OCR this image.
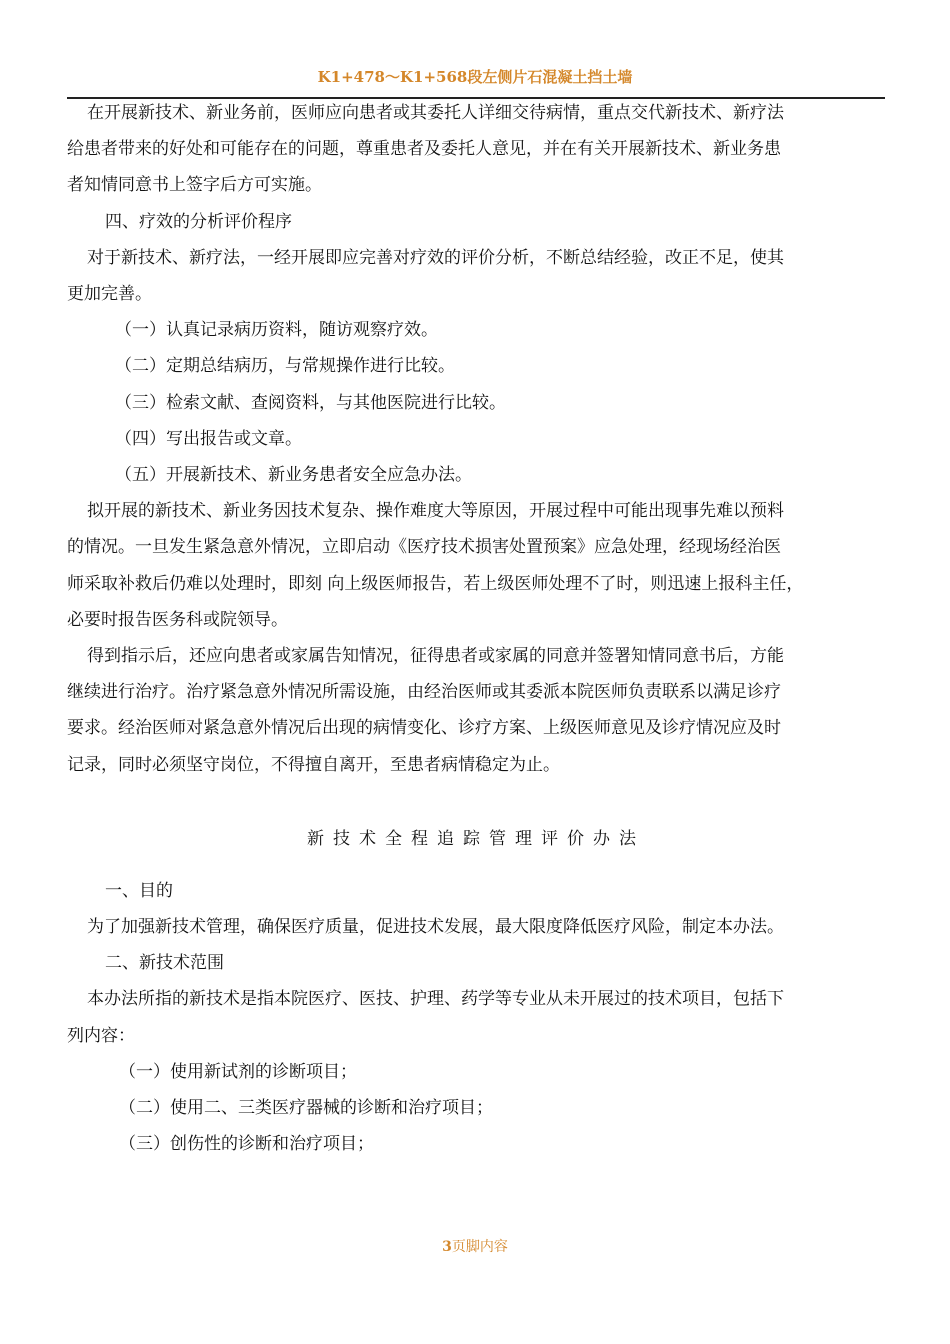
K1+478～K1+568段左侧片石混凝土挡土墙

在开展新技术、新业务前，医师应向患者或其委托人详细交待病情，重点交代新技术、新疗法

给患者带来的好处和可能存在的问题，尊重患者及委托人意见，并在有关开展新技术、新业务患

者知情同意书上签字后方可实施。

四、疗效的分析评价程序

对于新技术、新疗法，一经开展即应完善对疗效的评价分析，不断总结经验，改正不足，使其

更加完善。

（一）认真记录病历资料，随访观察疗效。

（二）定期总结病历，与常规操作进行比较。

（三）检索文献、查阅资料，与其他医院进行比较。

（四）写出报告或文章。

（五）开展新技术、新业务患者安全应急办法。

拟开展的新技术、新业务因技术复杂、操作难度大等原因，开展过程中可能出现事先难以预料

的情况。一旦发生紧急意外情况，立即启动《医疗技术损害处置预案》应急处理，经现场经治医

师采取补救后仍难以处理时，即刻 向上级医师报告，若上级医师处理不了时，则迅速上报科主任，

必要时报告医务科或院领导。

得到指示后，还应向患者或家属告知情况，征得患者或家属的同意并签署知情同意书后，方能

继续进行治疗。治疗紧急意外情况所需设施，由经治医师或其委派本院医师负责联系以满足诊疗

要求。经治医师对紧急意外情况后出现的病情变化、诊疗方案、上级医师意见及诊疗情况应及时

记录，同时必须坚守岗位，不得擅自离开，至患者病情稳定为止。

新技术全程追踪管理评价办法

一、目的

为了加强新技术管理，确保医疗质量，促进技术发展，最大限度降低医疗风险，制定本办法。

二、新技术范围

本办法所指的新技术是指本院医疗、医技、护理、药学等专业从未开展过的技术项目，包括下

列内容：

（一）使用新试剂的诊断项目；

（二）使用二、三类医疗器械的诊断和治疗项目；

（三）创伤性的诊断和治疗项目；

3页脚内容
